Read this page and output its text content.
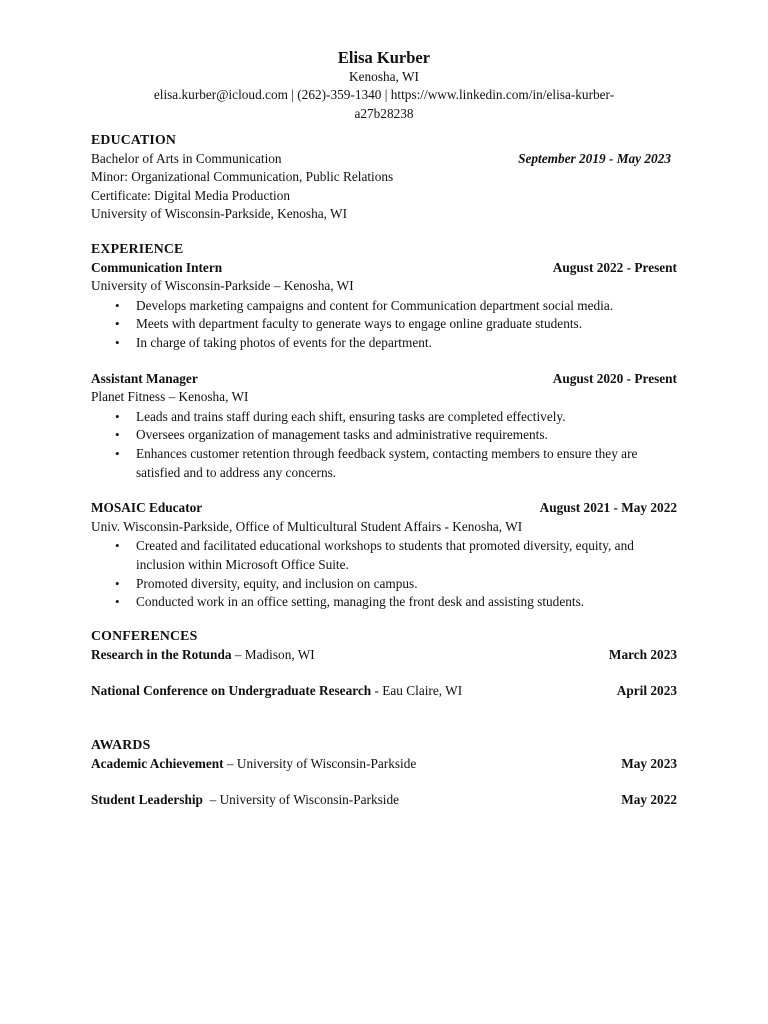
Elisa Kurber
Kenosha, WI
elisa.kurber@icloud.com | (262)-359-1340 | https://www.linkedin.com/in/elisa-kurber-
a27b28238
EDUCATION
Bachelor of Arts in Communication	September 2019 - May 2023
Minor: Organizational Communication, Public Relations
Certificate: Digital Media Production
University of Wisconsin-Parkside, Kenosha, WI
EXPERIENCE
Communication Intern	August 2022 - Present
University of Wisconsin-Parkside – Kenosha, WI
• Develops marketing campaigns and content for Communication department social media.
• Meets with department faculty to generate ways to engage online graduate students.
• In charge of taking photos of events for the department.
Assistant Manager	August 2020 - Present
Planet Fitness – Kenosha, WI
• Leads and trains staff during each shift, ensuring tasks are completed effectively.
• Oversees organization of management tasks and administrative requirements.
• Enhances customer retention through feedback system, contacting members to ensure they are satisfied and to address any concerns.
MOSAIC Educator	August 2021 - May 2022
Univ. Wisconsin-Parkside, Office of Multicultural Student Affairs - Kenosha, WI
• Created and facilitated educational workshops to students that promoted diversity, equity, and inclusion within Microsoft Office Suite.
• Promoted diversity, equity, and inclusion on campus.
• Conducted work in an office setting, managing the front desk and assisting students.
CONFERENCES
Research in the Rotunda – Madison, WI	March 2023
National Conference on Undergraduate Research - Eau Claire, WI	April 2023
AWARDS
Academic Achievement – University of Wisconsin-Parkside	May 2023
Student Leadership  – University of Wisconsin-Parkside	May 2022
